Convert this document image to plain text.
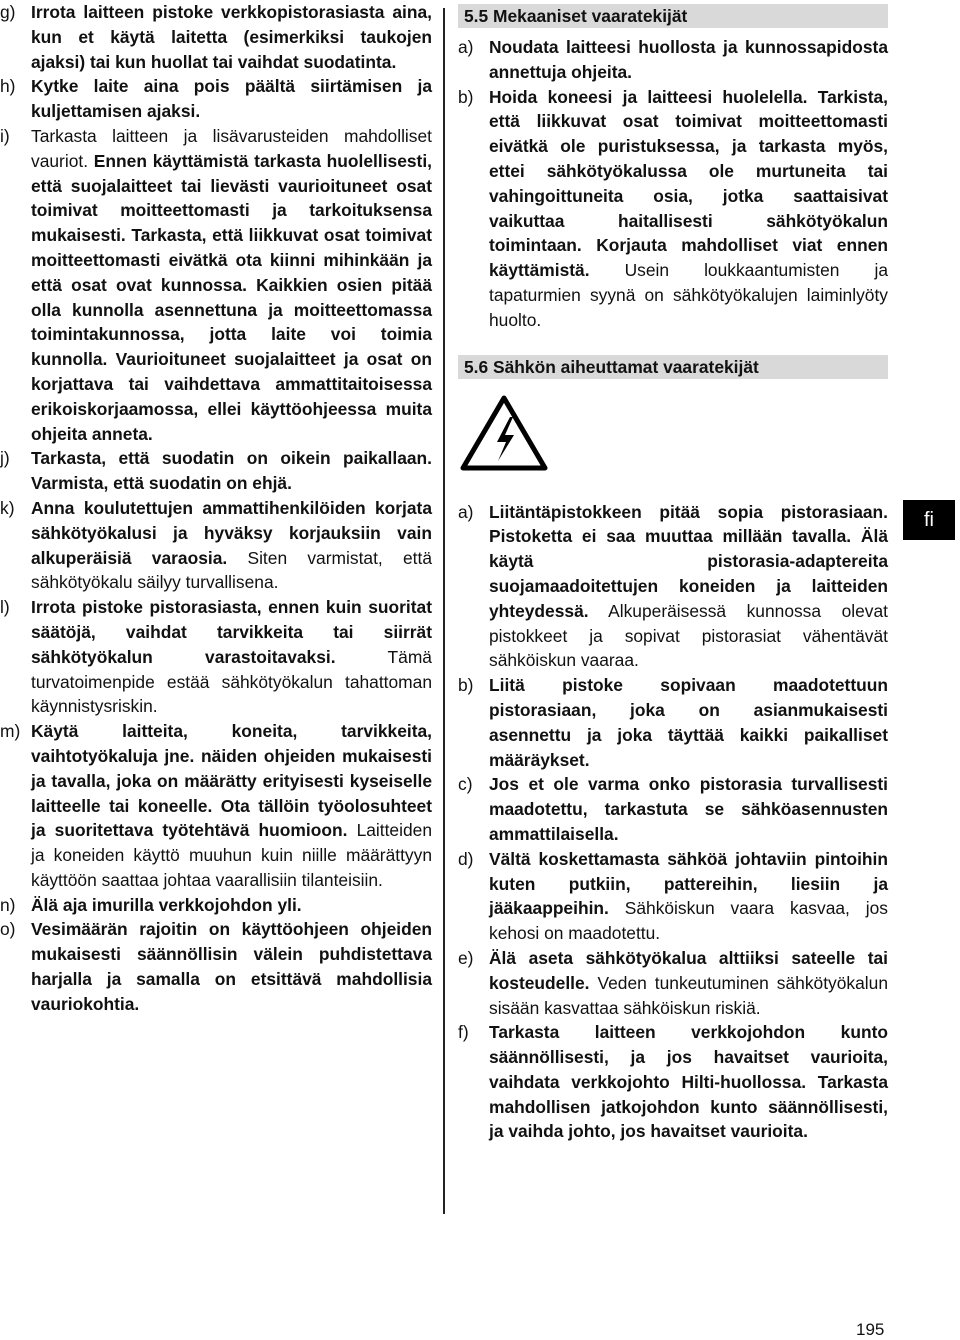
g) Irrota laitteen pistoke verkkopistorasiasta aina, kun et käytä laitetta (esimerkiksi taukojen ajaksi) tai kun huollat tai vaihdat suodatinta.
h) Kytke laite aina pois päältä siirtämisen ja kuljettamisen ajaksi.
i)	Tarkasta laitteen ja lisävarusteiden mahdolliset vauriot. Ennen käyttämistä tarkasta huolellisesti, että suojalaitteet tai lievästi vaurioituneet osat toimivat moitteettomasti ja tarkoituksensa mukaisesti. Tarkasta, että liikkuvat osat toimivat moitteettomasti eivätkä ota kiinni mihinkään ja että osat ovat kunnossa. Kaikkien osien pitää olla kunnolla asennettuna ja moitteettomassa toimintakunnossa, jotta laite voi toimia kunnolla. Vaurioituneet suojalaitteet ja osat on korjattava tai vaihdettava ammattitaitoisessa erikoiskorjaamossa, ellei käyttöohjeessa muita ohjeita anneta.
j)	Tarkasta, että suodatin on oikein paikallaan. Varmista, että suodatin on ehjä.
k) Anna koulutettujen ammattihenkilöiden korjata sähkötyökalusi ja hyväksy korjauksiin vain alkuperäisiä varaosia. Siten varmistat, että sähkötyökalu säilyy turvallisena.
l)	Irrota pistoke pistorasiasta, ennen kuin suoritat säätöjä, vaihdat tarvikkeita tai siirrät sähkötyökalun varastoitavaksi. Tämä turvatoimenpide estää sähkötyökalun tahattoman käynnistysriskin.
m) Käytä laitteita, koneita, tarvikkeita, vaihtotyökaluja jne. näiden ohjeiden mukaisesti ja tavalla, joka on määrätty erityisesti kyseiselle laitteelle tai koneelle. Ota tällöin työolosuhteet ja suoritettava työtehtävä huomioon. Laitteiden ja koneiden käyttö muuhun kuin niille määrättyyn käyttöön saattaa johtaa vaarallisiin tilanteisiin.
n) Älä aja imurilla verkkojohdon yli.
o) Vesimäärän rajoitin on käyttöohjeen ohjeiden mukaisesti säännöllisin välein puhdistettava harjalla ja samalla on etsittävä mahdollisia vauriokohtia.
5.5 Mekaaniset vaaratekijät
a) Noudata laitteesi huollosta ja kunnossapidosta annettuja ohjeita.
b) Hoida koneesi ja laitteesi huolelella. Tarkista, että liikkuvat osat toimivat moitteettomasti eivätkä ole puristuksessa, ja tarkasta myös, ettei sähkötyökalussa ole murtuneita tai vahingoittuneita osia, jotka saattaisivat vaikuttaa haitallisesti sähkötyökalun toimintaan. Korjauta mahdolliset viat ennen käyttämistä. Usein loukkaantumisten ja tapaturmien syynä on sähkötyökalujen laiminlyöty huolto.
5.6 Sähkön aiheuttamat vaaratekijät
a) Liitäntäpistokkeen pitää sopia pistorasiaan. Pistoketta ei saa muuttaa millään tavalla. Älä käytä pistorasia-adaptereita suojamaadoitettujen koneiden ja laitteiden yhteydessä. Alkuperäisessä kunnossa olevat pistokkeet ja sopivat pistorasiat vähentävät sähköiskun vaaraa.
b) Liitä pistoke sopivaan maadotettuun pistorasiaan, joka on asianmukaisesti asennettu ja joka täyttää kaikki paikalliset määräykset.
c) Jos et ole varma onko pistorasia turvallisesti maadotettu, tarkastuta se sähköasennusten ammattilaisella.
d) Vältä koskettamasta sähköä johtaviin pintoihin kuten putkiin, pattereihin, liesiin ja jääkaappeihin. Sähköiskun vaara kasvaa, jos kehosi on maadotettu.
e) Älä aseta sähkötyökalua alttiiksi sateelle tai kosteudelle. Veden tunkeutuminen sähkötyökalun sisään kasvattaa sähköiskun riskiä.
f)	Tarkasta laitteen verkkojohdon kunto säännöllisesti, ja jos havaitset vaurioita, vaihdata verkkojohto Hilti-huollossa. Tarkasta mahdollisen jatkojohdon kunto säännöllisesti, ja vaihda johto, jos havaitset vaurioita.
fi
195
